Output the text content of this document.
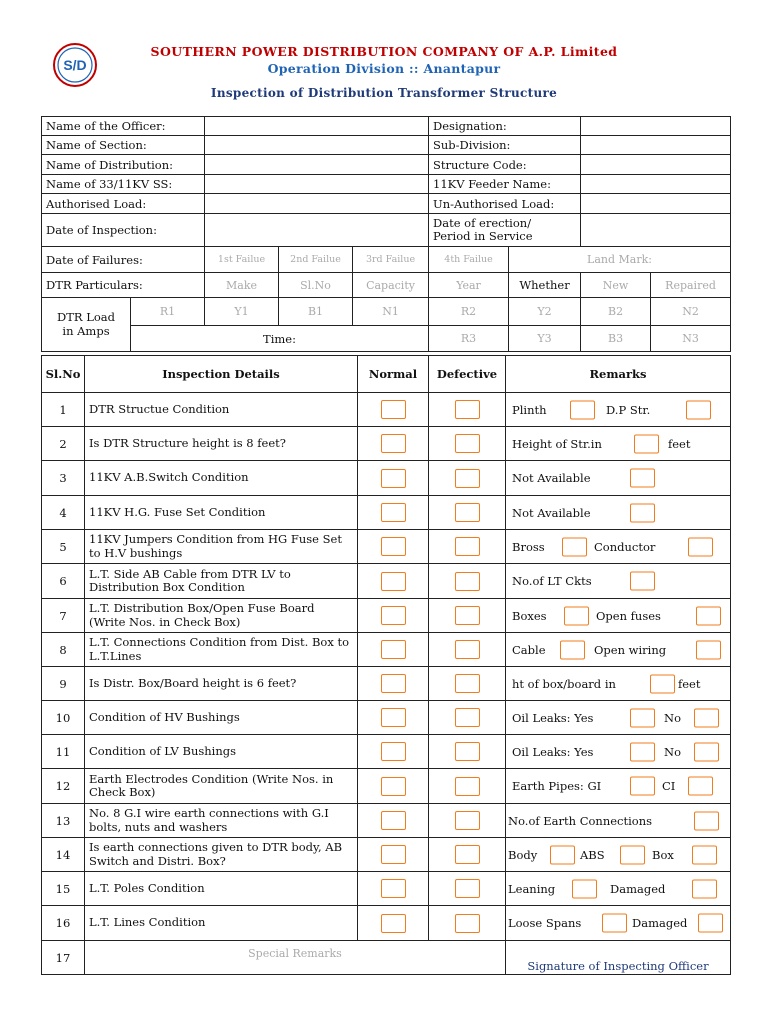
S/D
SOUTHERN POWER DISTRIBUTION COMPANY OF A.P. Limited
Operation Division :: Anantapur
Inspection of Distribution Transformer Structure
Name of the Officer:					Designation:			
Name of Section:					Sub-Division:			
Name of Distribution:					Structure Code:			
Name of 33/11KV SS:					11KV Feeder Name:			
Authorised Load:					Un-Authorised Load:			
Date of Inspection:					Date of erection/
Period in Service			

Date of Failures:		1st Failue	2nd Failue	3rd Failue	4th Failue	Land Mark:		
DTR Particulars:		Make	Sl.No	Capacity	Year	Whether	New	Repaired

DTR Load
in Amps	R1	Y1	B1	N1	R2	Y2	B2	N2
	Time:				R3	Y3	B3	N3
Sl.No	Inspection Details	Normal	Defective	Remarks
1	DTR Structue Condition			Plinth D.P Str.

2	Is DTR Structure height is 8 feet?			Height of Str.in feet

3	11KV A.B.Switch Condition			Not Available

4	11KV H.G. Fuse Set Condition			Not Available

5	11KV Jumpers Condition from HG Fuse Set to H.V bushings			Bross Conductor

6	L.T. Side AB Cable from DTR LV to Distribution Box Condition			No.of LT Ckts

7	L.T. Distribution Box/Open Fuse Board (Write Nos. in Check Box)			Boxes Open fuses

8	L.T. Connections Condition from Dist. Box to L.T.Lines			Cable Open wiring

9	Is Distr. Box/Board height is 6 feet?			ht of box/board in feet

10	Condition of HV Bushings			Oil Leaks: Yes No

11	Condition of LV Bushings			Oil Leaks: Yes No

12	Earth Electrodes Condition (Write Nos. in Check Box)			Earth Pipes: GI CI

13	No. 8 G.I wire earth connections with G.I bolts, nuts and washers			No.of Earth Connections

14	Is earth connections given to DTR body, AB Switch and Distri. Box?			Body ABS Box

15	L.T. Poles Condition			Leaning Damaged

16	L.T. Lines Condition			Loose Spans Damaged

17	Special Remarks			Signature of Inspecting Officer
